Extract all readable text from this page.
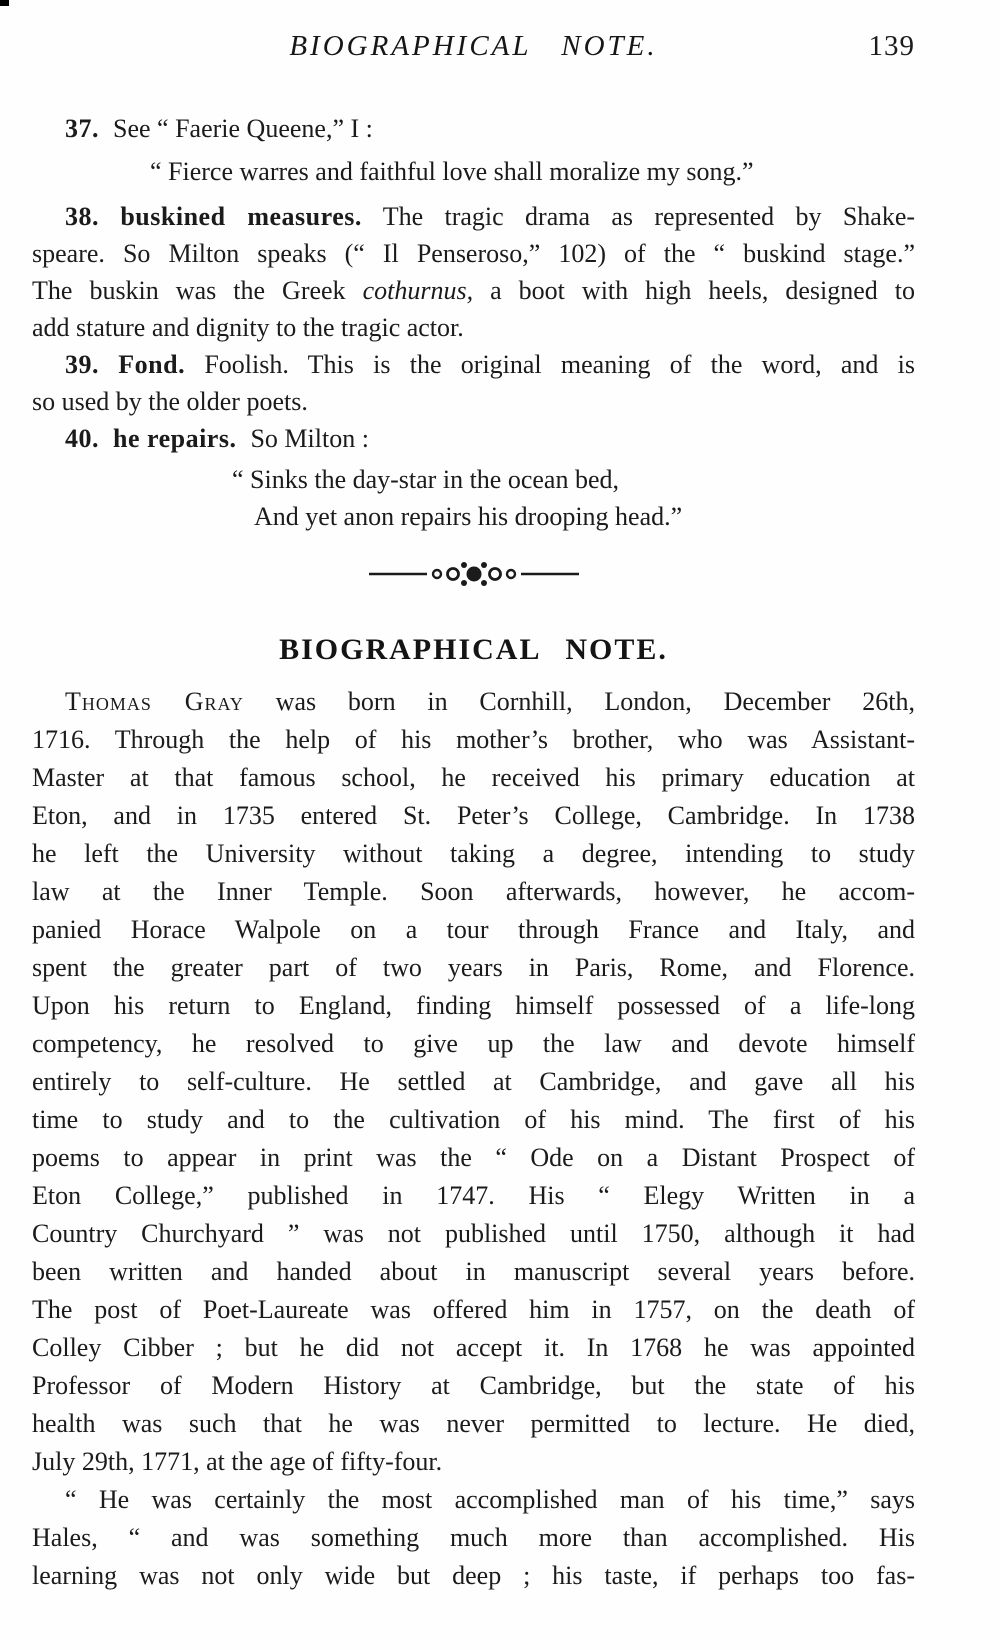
BIOGRAPHICAL NOTE.	139
37. See “ Faerie Queene,” I :
“ Fierce warres and faithful love shall moralize my song.”
38. buskined measures. The tragic drama as represented by Shake-
speare. So Milton speaks (“ Il Penseroso,” 102) of the “ buskind stage.”
The buskin was the Greek cothurnus, a boot with high heels, designed to
add stature and dignity to the tragic actor.
39. Fond. Foolish. This is the original meaning of the word, and is
so used by the older poets.
40. he repairs. So Milton :
“ Sinks the day-star in the ocean bed,
And yet anon repairs his drooping head.”
BIOGRAPHICAL NOTE.
Thomas Gray was born in Cornhill, London, December 26th,
1716. Through the help of his mother’s brother, who was Assistant-
Master at that famous school, he received his primary education at
Eton, and in 1735 entered St. Peter’s College, Cambridge. In 1738
he left the University without taking a degree, intending to study
law at the Inner Temple. Soon afterwards, however, he accom-
panied Horace Walpole on a tour through France and Italy, and
spent the greater part of two years in Paris, Rome, and Florence.
Upon his return to England, finding himself possessed of a life-long
competency, he resolved to give up the law and devote himself
entirely to self-culture. He settled at Cambridge, and gave all his
time to study and to the cultivation of his mind. The first of his
poems to appear in print was the “ Ode on a Distant Prospect of
Eton College,” published in 1747. His “ Elegy Written in a
Country Churchyard ” was not published until 1750, although it had
been written and handed about in manuscript several years before.
The post of Poet-Laureate was offered him in 1757, on the death of
Colley Cibber ; but he did not accept it. In 1768 he was appointed
Professor of Modern History at Cambridge, but the state of his
health was such that he was never permitted to lecture. He died,
July 29th, 1771, at the age of fifty-four.
“ He was certainly the most accomplished man of his time,” says
Hales, “ and was something much more than accomplished. His
learning was not only wide but deep ; his taste, if perhaps too fas-
